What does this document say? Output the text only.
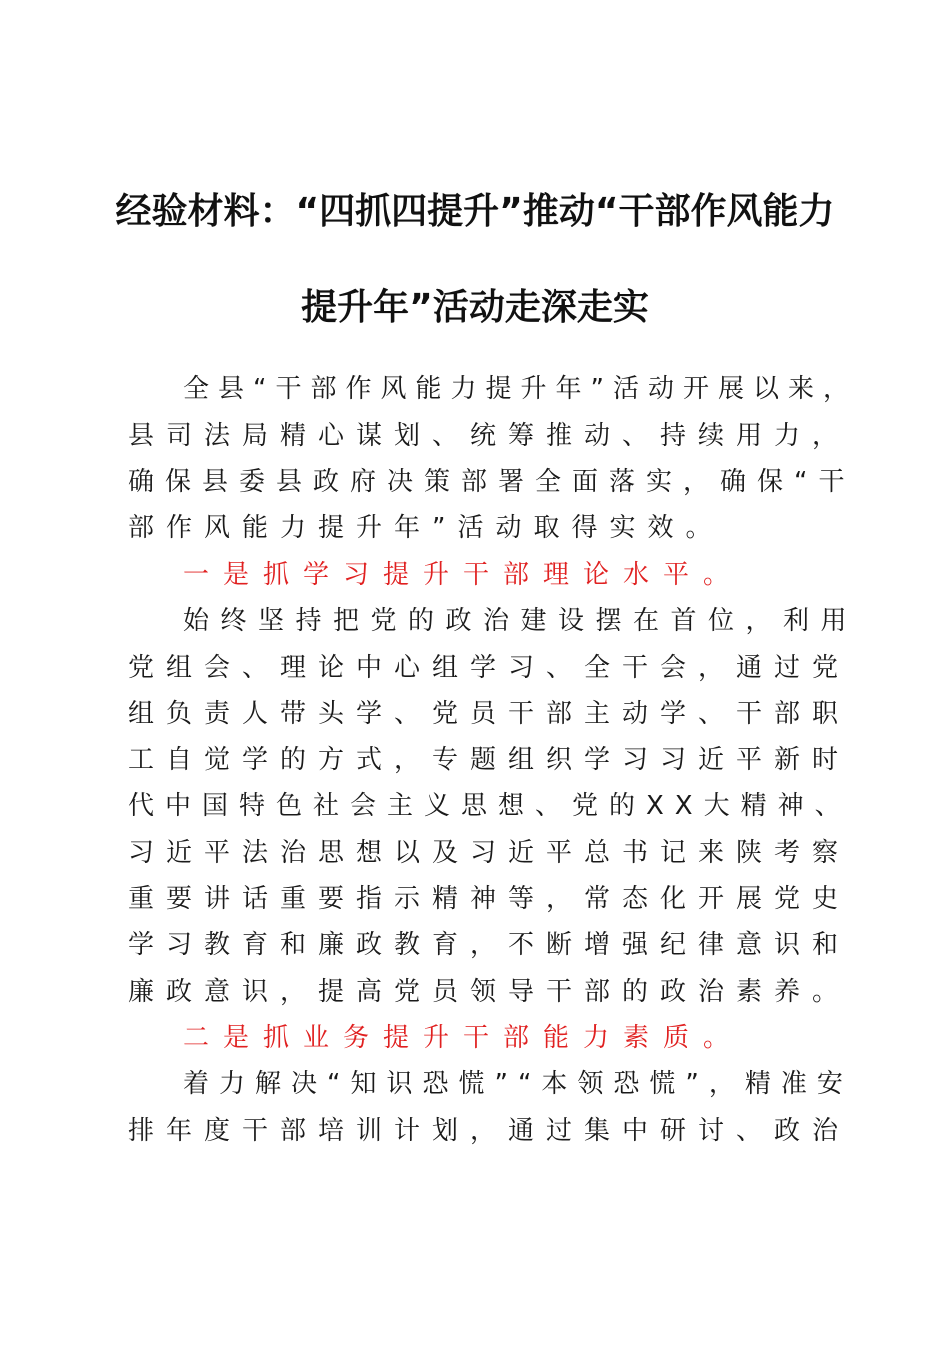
经验材料：“四抓四提升”推动“干部作风能力
提升年”活动走深走实
全县“干部作风能力提升年”活动开展以来，
县司法局精心谋划、统筹推动、持续用力，
确保县委县政府决策部署全面落实，确保“干
部作风能力提升年”活动取得实效。
一是抓学习提升干部理论水平。
始终坚持把党的政治建设摆在首位，利用
党组会、理论中心组学习、全干会，通过党
组负责人带头学、党员干部主动学、干部职
工自觉学的方式，专题组织学习习近平新时
代中国特色社会主义思想、党的XX大精神、
习近平法治思想以及习近平总书记来陕考察
重要讲话重要指示精神等，常态化开展党史
学习教育和廉政教育，不断增强纪律意识和
廉政意识，提高党员领导干部的政治素养。
二是抓业务提升干部能力素质。
着力解决“知识恐慌”“本领恐慌”，精准安
排年度干部培训计划，通过集中研讨、政治
